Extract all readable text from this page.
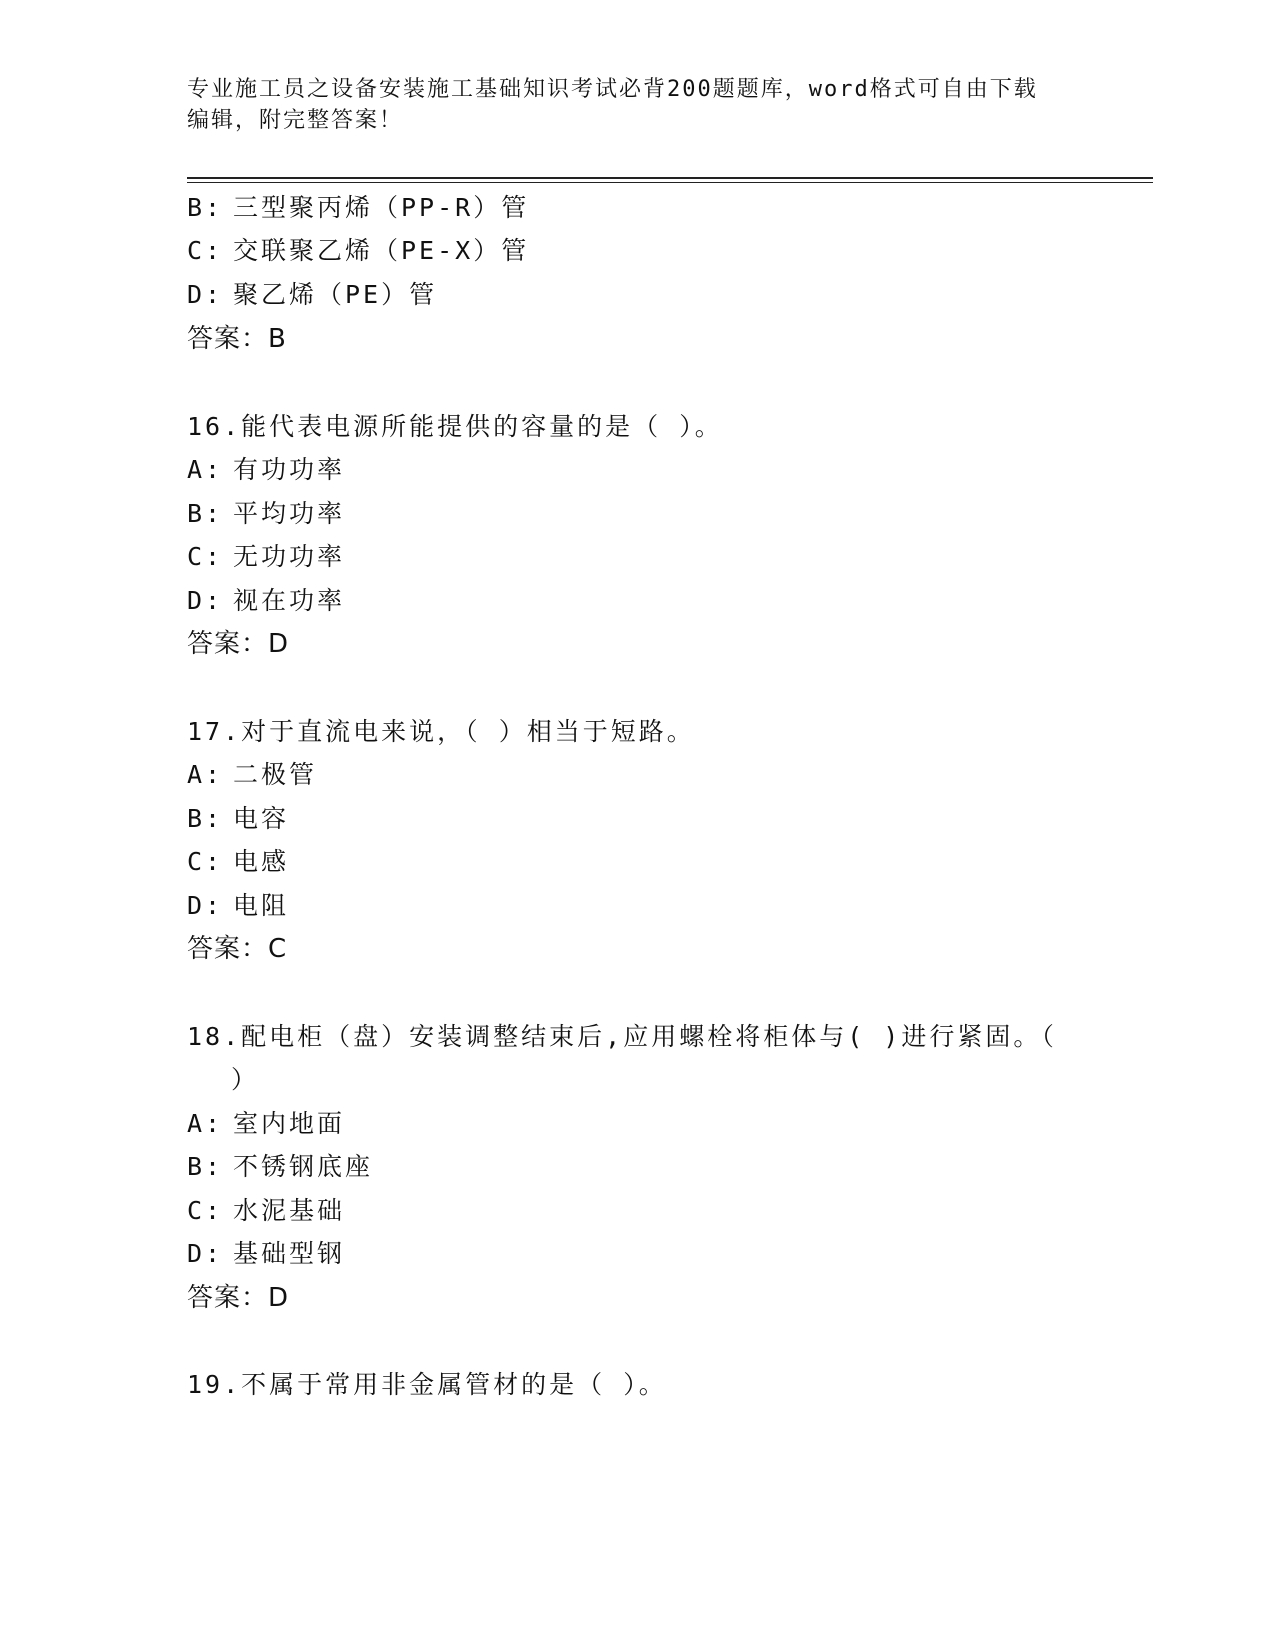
专业施工员之设备安装施工基础知识考试必背200题题库，word格式可自由下载
编辑，附完整答案！
B: 三型聚丙烯（PP-R）管
C: 交联聚乙烯（PE-X）管
D: 聚乙烯（PE）管
答案：B
16.能代表电源所能提供的容量的是（ ）。
A: 有功功率
B: 平均功率
C: 无功功率
D: 视在功率
答案：D
17.对于直流电来说，（ ）相当于短路。
A: 二极管
B: 电容
C: 电感
D: 电阻
答案：C
18.配电柜（盘）安装调整结束后,应用螺栓将柜体与( )进行紧固。（
）
A: 室内地面
B: 不锈钢底座
C: 水泥基础
D: 基础型钢
答案：D
19.不属于常用非金属管材的是（ ）。
